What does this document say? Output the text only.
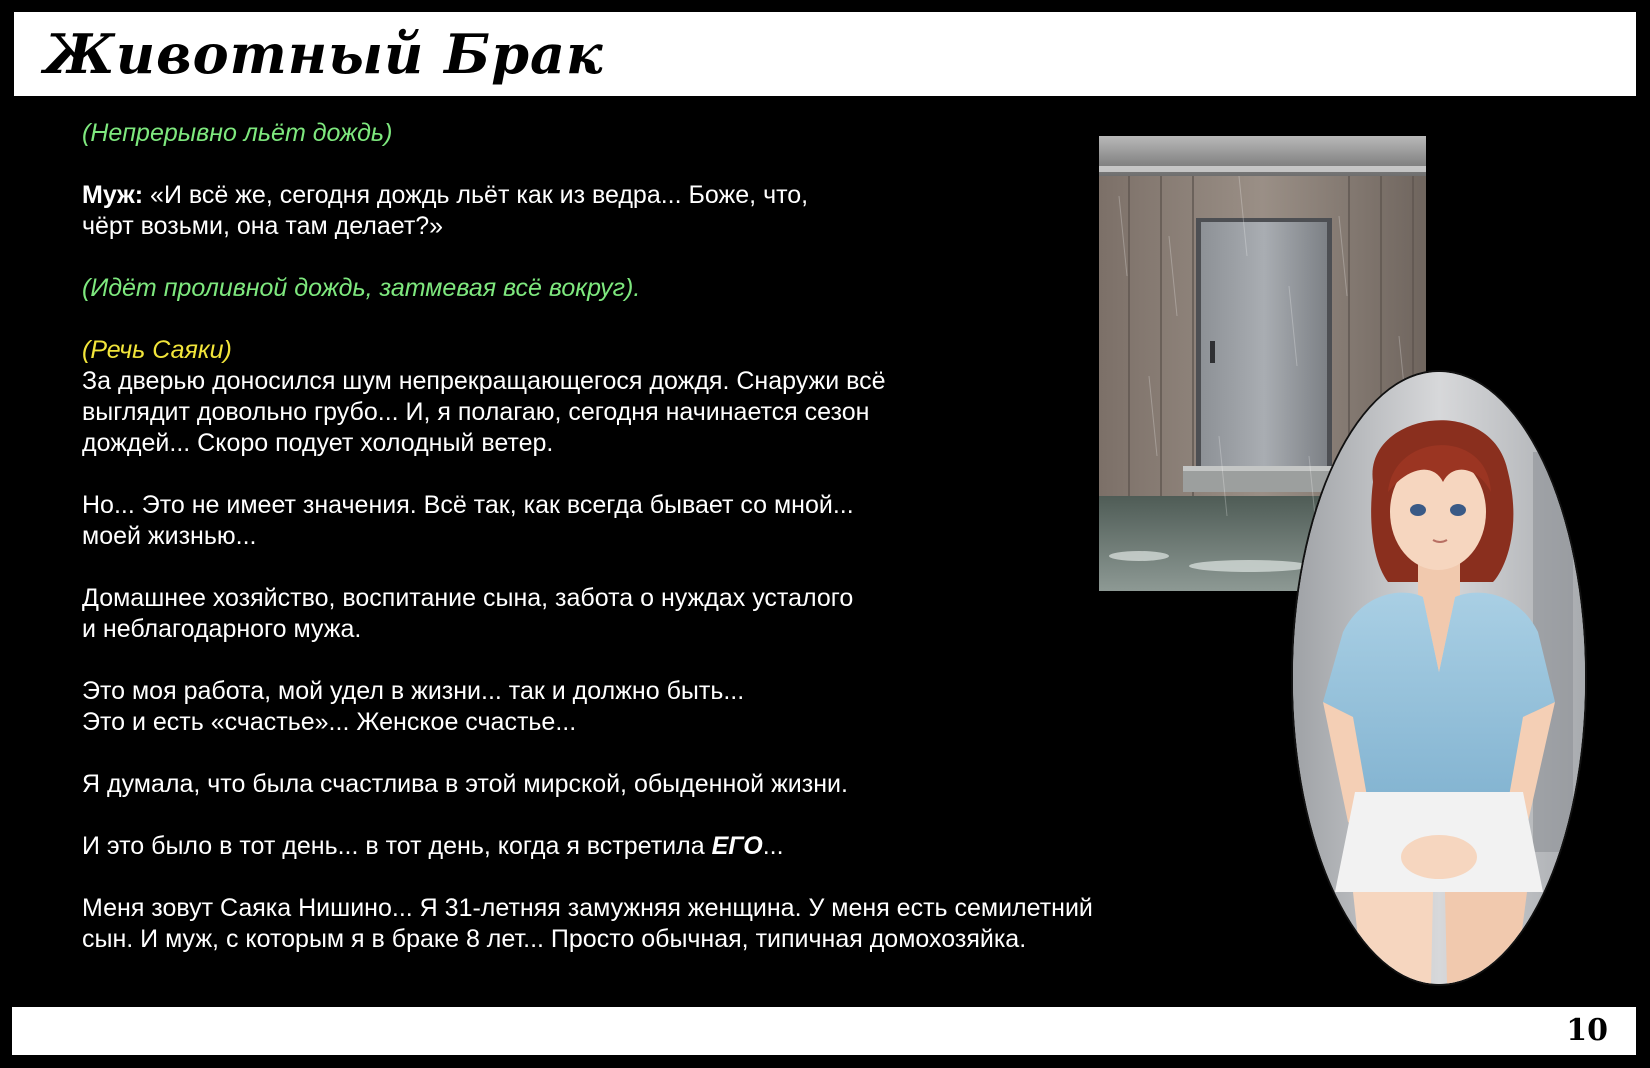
Животный Брак

(Непрерывно льёт дождь)

Муж: «И всё же, сегодня дождь льёт как из ведра... Боже, что,
чёрт возьми, она там делает?»

(Идёт проливной дождь, затмевая всё вокруг).

(Речь Саяки)
За дверью доносился шум непрекращающегося дождя. Снаружи всё
выглядит довольно грубо... И, я полагаю, сегодня начинается сезон
дождей... Скоро подует холодный ветер.

Но... Это не имеет значения. Всё так, как всегда бывает со мной...
моей жизнью...

Домашнее хозяйство, воспитание сына, забота о нуждах усталого
и неблагодарного мужа.

Это моя работа, мой удел в жизни... так и должно быть...
Это и есть «счастье»... Женское счастье...

Я думала, что была счастлива в этой мирской, обыденной жизни.

И это было в тот день... в тот день, когда я встретила ЕГО...

Меня зовут Саяка Нишино... Я 31-летняя замужняя женщина. У меня есть семилетний
сын. И муж, с которым я в браке 8 лет... Просто обычная, типичная домохозяйка.

10
